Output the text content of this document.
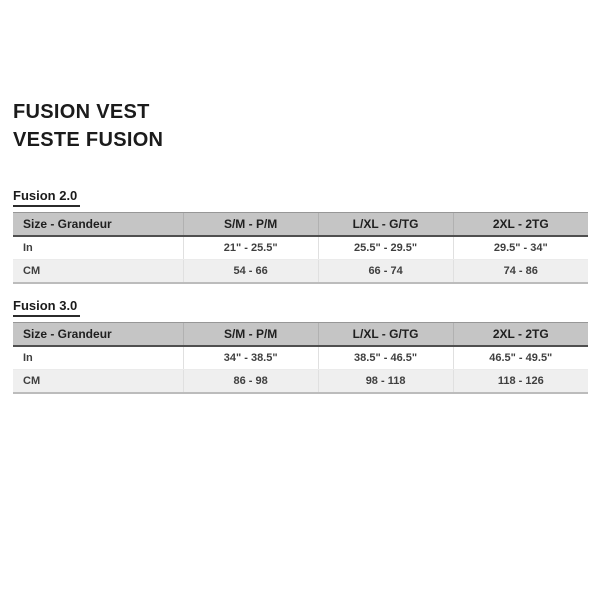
FUSION VEST
VESTE FUSION
Fusion 2.0
Size - Grandeur	S/M - P/M	L/XL - G/TG	2XL - 2TG
In	21" - 25.5"	25.5" - 29.5"	29.5" - 34"
CM	54 - 66	66 - 74	74 - 86
Fusion 3.0
Size - Grandeur	S/M - P/M	L/XL - G/TG	2XL - 2TG
In	34" - 38.5"	38.5" - 46.5"	46.5" - 49.5"
CM	86 - 98	98 - 118	118 - 126
